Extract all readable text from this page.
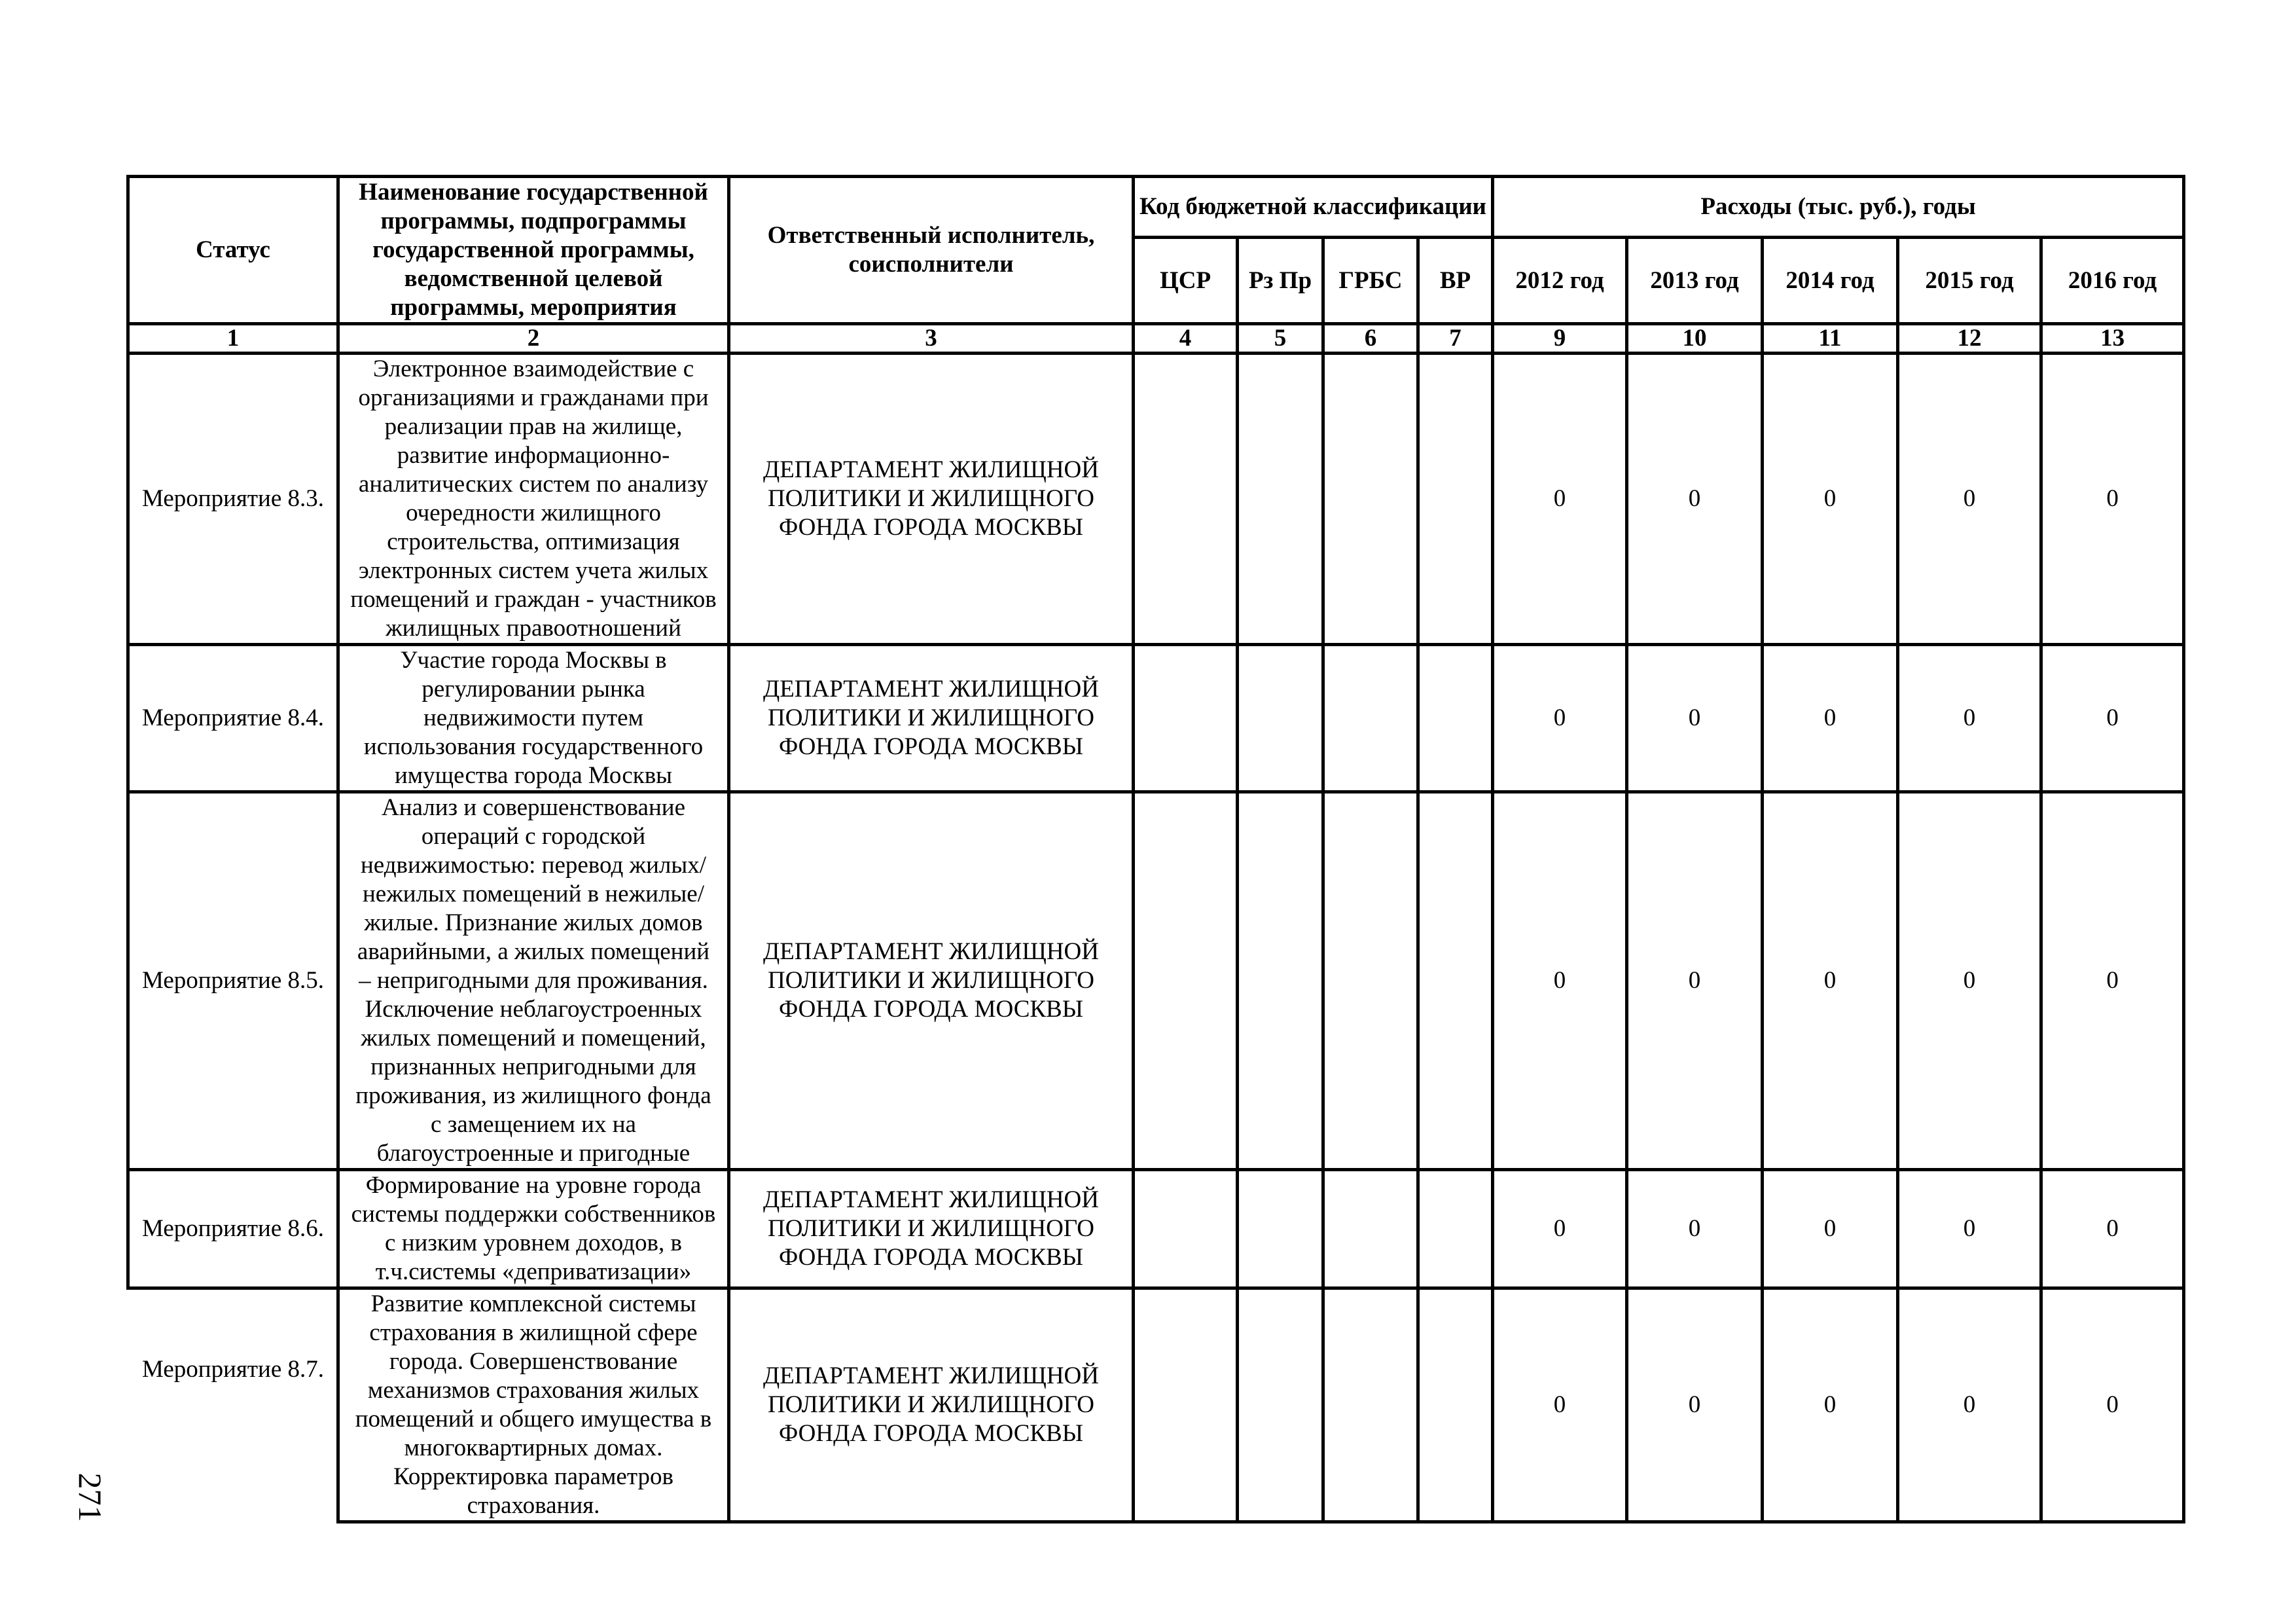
Статус	Наименование государственной программы, подпрограммы государственной программы, ведомственной целевой программы, мероприятия	Ответственный исполнитель, соисполнители	Код бюджетной классификации				Расходы (тыс. руб.), годы				
			ЦСР	Рз Пр	ГРБС	ВР	2012 год	2013 год	2014 год	2015 год	2016 год
1	2	3	4	5	6	7	9	10	11	12	13
Мероприятие 8.3.	Электронное взаимодействие с организациями и гражданами при реализации прав на жилище, развитие информационно-аналитических систем по анализу очередности жилищного строительства, оптимизация электронных систем учета жилых помещений и граждан - участников жилищных правоотношений	ДЕПАРТАМЕНТ ЖИЛИЩНОЙ ПОЛИТИКИ И ЖИЛИЩНОГО ФОНДА ГОРОДА МОСКВЫ					0	0	0	0	0
Мероприятие 8.4.	Участие города Москвы в регулировании рынка недвижимости путем использования государственного имущества города Москвы	ДЕПАРТАМЕНТ ЖИЛИЩНОЙ ПОЛИТИКИ И ЖИЛИЩНОГО ФОНДА ГОРОДА МОСКВЫ					0	0	0	0	0
Мероприятие 8.5.	Анализ и совершенствование операций с городской недвижимостью: перевод жилых/нежилых помещений в нежилые/жилые. Признание жилых домов аварийными, а жилых помещений – непригодными для проживания. Исключение неблагоустроенных жилых помещений и помещений, признанных непригодными для проживания, из жилищного фонда с замещением их на благоустроенные и пригодные	ДЕПАРТАМЕНТ ЖИЛИЩНОЙ ПОЛИТИКИ И ЖИЛИЩНОГО ФОНДА ГОРОДА МОСКВЫ					0	0	0	0	0
Мероприятие 8.6.	Формирование на уровне города системы поддержки собственников с низким уровнем доходов, в т.ч.системы «деприватизации»	ДЕПАРТАМЕНТ ЖИЛИЩНОЙ ПОЛИТИКИ И ЖИЛИЩНОГО ФОНДА ГОРОДА МОСКВЫ					0	0	0	0	0
Мероприятие 8.7.	Развитие комплексной системы страхования в жилищной сфере города. Совершенствование механизмов страхования жилых помещений и общего имущества в многоквартирных домах. Корректировка параметров страхования.	ДЕПАРТАМЕНТ ЖИЛИЩНОЙ ПОЛИТИКИ И ЖИЛИЩНОГО ФОНДА ГОРОДА МОСКВЫ					0	0	0	0	0
271
